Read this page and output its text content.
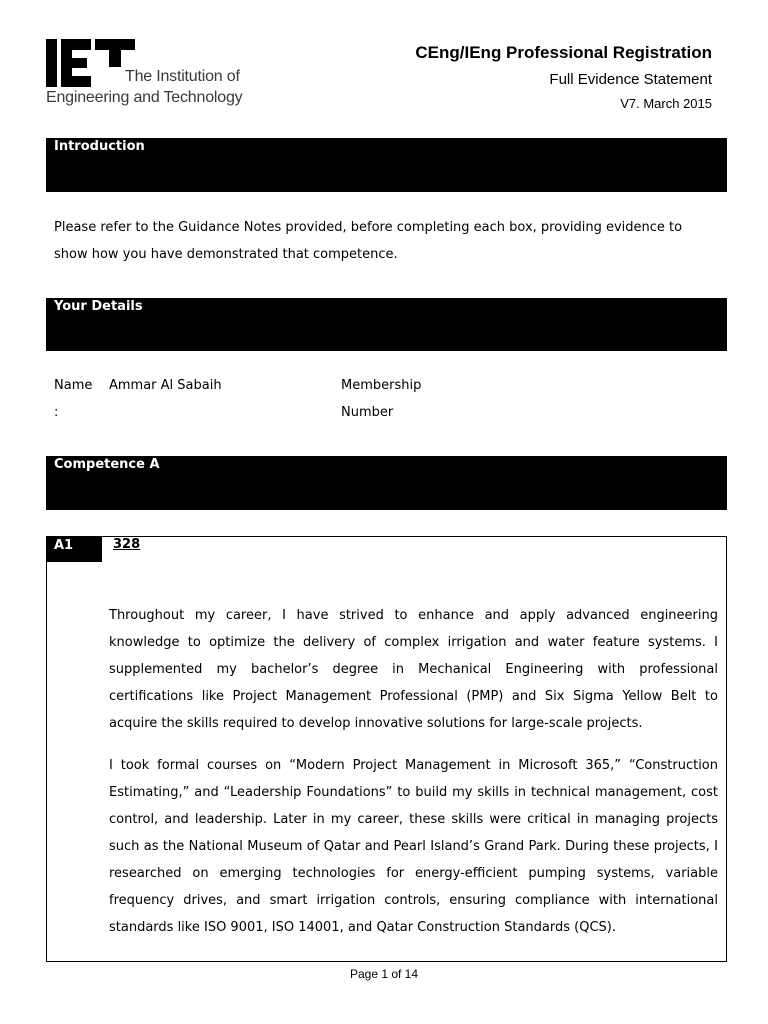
The Institution of
Engineering and Technology
CEng/IEng Professional Registration
Full Evidence Statement
V7. March 2015
Introduction
Please refer to the Guidance Notes provided, before completing each box, providing evidence to show how you have demonstrated that competence.
Your Details
Name
:
Ammar Al Sabaih	Membership
Number
Competence A
A1	328
Throughout my career, I have strived to enhance and apply advanced engineering knowledge to optimize the delivery of complex irrigation and water feature systems. I supplemented my bachelor’s degree in Mechanical Engineering with professional certifications like Project Management Professional (PMP) and Six Sigma Yellow Belt to acquire the skills required to develop innovative solutions for large-scale projects.
I took formal courses on “Modern Project Management in Microsoft 365,” “Construction Estimating,” and “Leadership Foundations” to build my skills in technical management, cost control, and leadership. Later in my career, these skills were critical in managing projects such as the National Museum of Qatar and Pearl Island’s Grand Park. During these projects, I researched on emerging technologies for energy-efficient pumping systems, variable frequency drives, and smart irrigation controls, ensuring compliance with international standards like ISO 9001, ISO 14001, and Qatar Construction Standards (QCS).
Page 1 of 14
